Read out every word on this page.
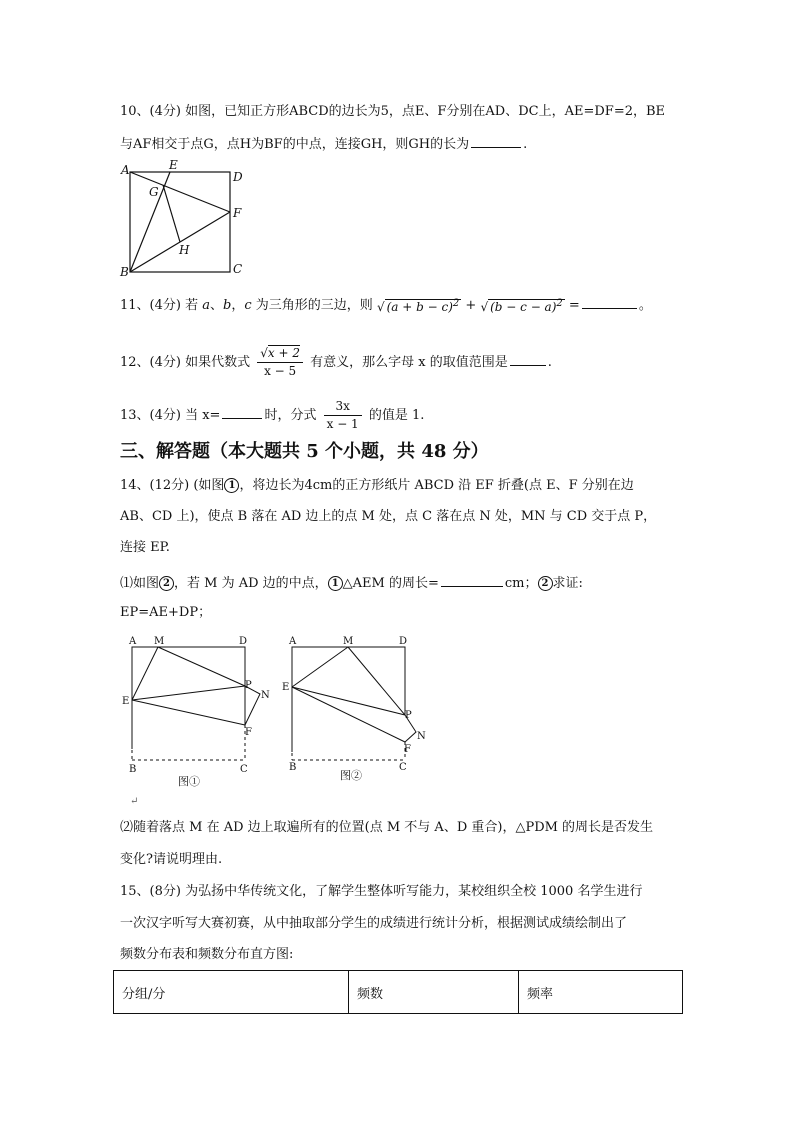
10、(4分) 如图，已知正方形ABCD的边长为5，点E、F分别在AD、DC上，AE=DF=2，BE
与AF相交于点G，点H为BF的中点，连接GH，则GH的长为	.
A	E
D
G
F
H
B	C
11、(4分) 若 a、b，c 为三角形的三边，则 √ $(a + b - c)^2$ + √ $(b - c - a)^2$ =	。
12、(4分) 如果代数式 $\frac{√x + 2}{x - 5}$ 有意义，那么字母 x 的取值范围是	.
13、(4分) 当 x=	时，分式 $\frac{3x}{x - 1}$ 的值是 1.
三、解答题（本大题共 5 个小题，共 48 分）
14、(12分) (如图 1 ，将边长为4cm的正方形纸片 ABCD 沿 EF 折叠(点 E、F 分别在边
AB、CD 上)，使点 B 落在 AD 边上的点 M 处，点 C 落在点 N 处，MN 与 CD 交于点 P，
连接 EP.
⑴如图 2 ，若 M 为 AD 边的中点， 1 △AEM 的周长=	cm； 2 求证:
EP=AE+DP；
A M	D
P
N
E
F
B	C
图①
A	M	D
E
P
N
F
B	C
图②
↵
⑵随着落点 M 在 AD 边上取遍所有的位置(点 M 不与 A、D 重合)，△PDM 的周长是否发生
变化?请说明理由.
15、(8分) 为弘扬中华传统文化，了解学生整体听写能力，某校组织全校 1000 名学生进行
一次汉字听写大赛初赛，从中抽取部分学生的成绩进行统计分析，根据测试成绩绘制出了
频数分布表和频数分布直方图:
分组/分	频数	频率
